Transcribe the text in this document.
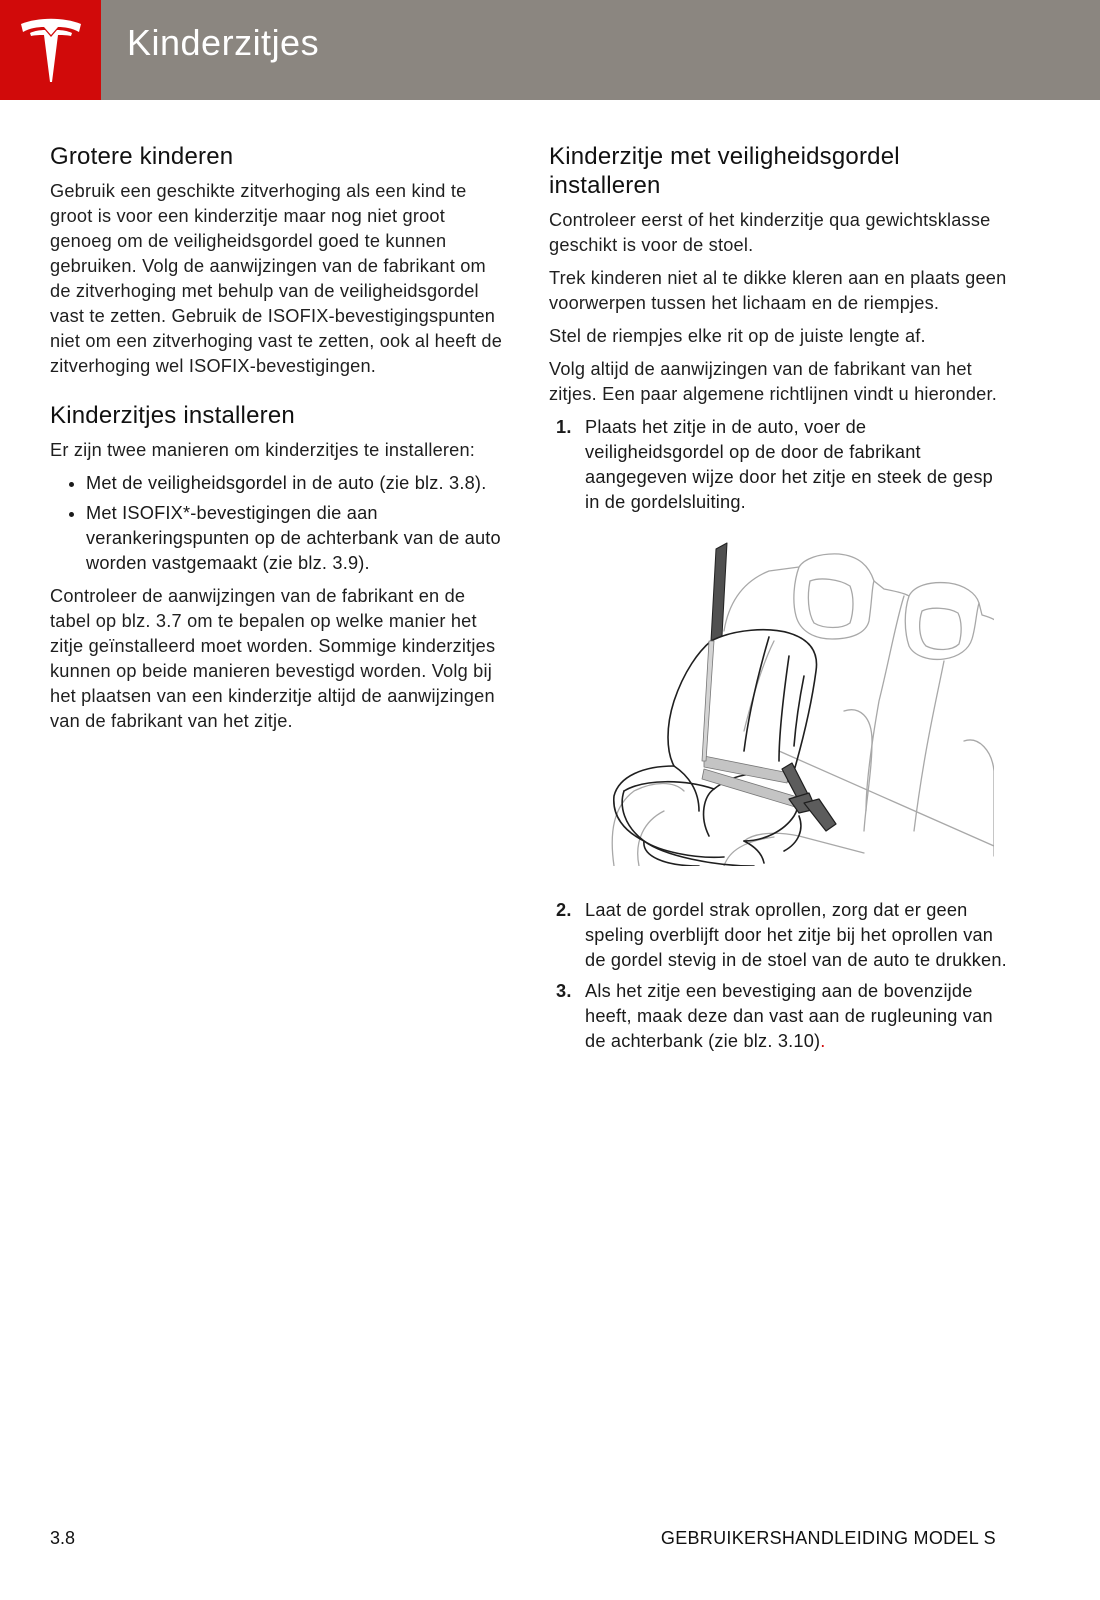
Kinderzitjes
Grotere kinderen

Gebruik een geschikte zitverhoging als een kind te groot is voor een kinderzitje maar nog niet groot genoeg om de veiligheidsgordel goed te kunnen gebruiken. Volg de aanwijzingen van de fabrikant om de zitverhoging met behulp van de veiligheidsgordel vast te zetten. Gebruik de ISOFIX-bevestigingspunten niet om een zitverhoging vast te zetten, ook al heeft de zitverhoging wel ISOFIX-bevestigingen.

Kinderzitjes installeren

Er zijn twee manieren om kinderzitjes te installeren:

• Met de veiligheidsgordel in de auto (zie blz. 3.8).
• Met ISOFIX*-bevestigingen die aan verankeringspunten op de achterbank van de auto worden vastgemaakt (zie blz. 3.9).

Controleer de aanwijzingen van de fabrikant en de tabel op blz. 3.7 om te bepalen op welke manier het zitje geïnstalleerd moet worden. Sommige kinderzitjes kunnen op beide manieren bevestigd worden. Volg bij het plaatsen van een kinderzitje altijd de aanwijzingen van de fabrikant van het zitje.

Kinderzitje met veiligheidsgordel installeren

Controleer eerst of het kinderzitje qua gewichtsklasse geschikt is voor de stoel.

Trek kinderen niet al te dikke kleren aan en plaats geen voorwerpen tussen het lichaam en de riempjes.

Stel de riempjes elke rit op de juiste lengte af.

Volg altijd de aanwijzingen van de fabrikant van het zitjes. Een paar algemene richtlijnen vindt u hieronder.

1. Plaats het zitje in de auto, voer de veiligheidsgordel op de door de fabrikant aangegeven wijze door het zitje en steek de gesp in de gordelsluiting.
2. Laat de gordel strak oprollen, zorg dat er geen speling overblijft door het zitje bij het oprollen van de gordel stevig in de stoel van de auto te drukken.
3. Als het zitje een bevestiging aan de bovenzijde heeft, maak deze dan vast aan de rugleuning van de achterbank (zie blz. 3.10).
3.8	GEBRUIKERSHANDLEIDING MODEL S
